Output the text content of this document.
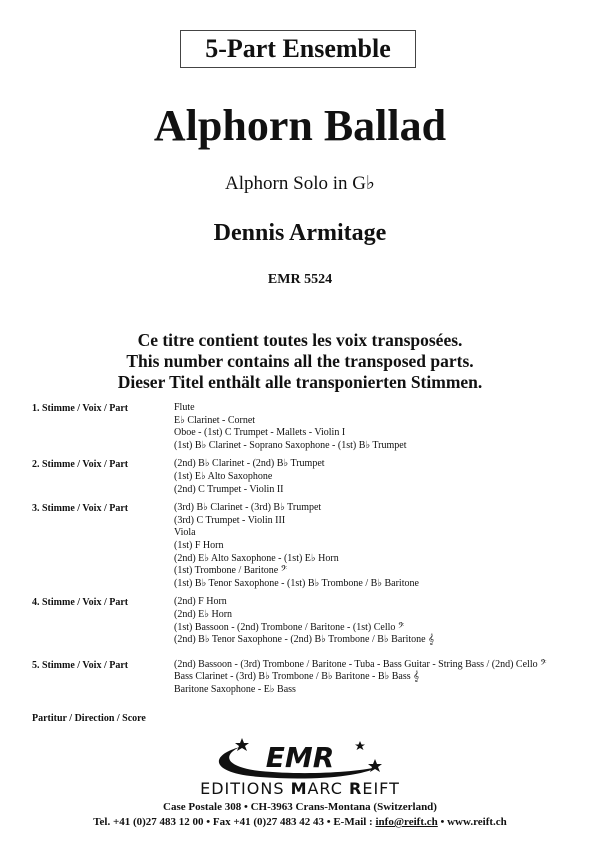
5-Part Ensemble
Alphorn Ballad
Alphorn Solo in G♭
Dennis Armitage
EMR 5524
Ce titre contient toutes les voix transposées.
This number contains all the transposed parts.
Dieser Titel enthält alle transponierten Stimmen.
1. Stimme / Voix / Part	Flute
E♭ Clarinet - Cornet
Oboe - (1st) C Trumpet - Mallets - Violin I
(1st) B♭ Clarinet - Soprano Saxophone - (1st) B♭ Trumpet
2. Stimme / Voix / Part	(2nd) B♭ Clarinet - (2nd) B♭ Trumpet
(1st) E♭ Alto Saxophone
(2nd) C Trumpet - Violin II
3. Stimme / Voix / Part	(3rd) B♭ Clarinet - (3rd) B♭ Trumpet
(3rd) C Trumpet - Violin III
Viola
(1st) F Horn
(2nd) E♭ Alto Saxophone - (1st) E♭ Horn
(1st) Trombone / Baritone 𝄢
(1st) B♭ Tenor Saxophone - (1st) B♭ Trombone / B♭ Baritone
4. Stimme / Voix / Part	(2nd) F Horn
(2nd) E♭ Horn
(1st) Bassoon - (2nd) Trombone / Baritone - (1st) Cello 𝄢
(2nd) B♭ Tenor Saxophone - (2nd) B♭ Trombone / B♭ Baritone 𝄞
5. Stimme / Voix / Part	(2nd) Bassoon - (3rd) Trombone / Baritone - Tuba - Bass Guitar - String Bass / (2nd) Cello 𝄢
Bass Clarinet - (3rd) B♭ Trombone / B♭ Baritone - B♭ Bass 𝄞
Baritone Saxophone - E♭ Bass
Partitur / Direction / Score
EMR
EDITIONS MARC REIFT
Case Postale 308 • CH-3963 Crans-Montana (Switzerland)
Tel. +41 (0)27 483 12 00 • Fax +41 (0)27 483 42 43 • E-Mail : info@reift.ch • www.reift.ch
